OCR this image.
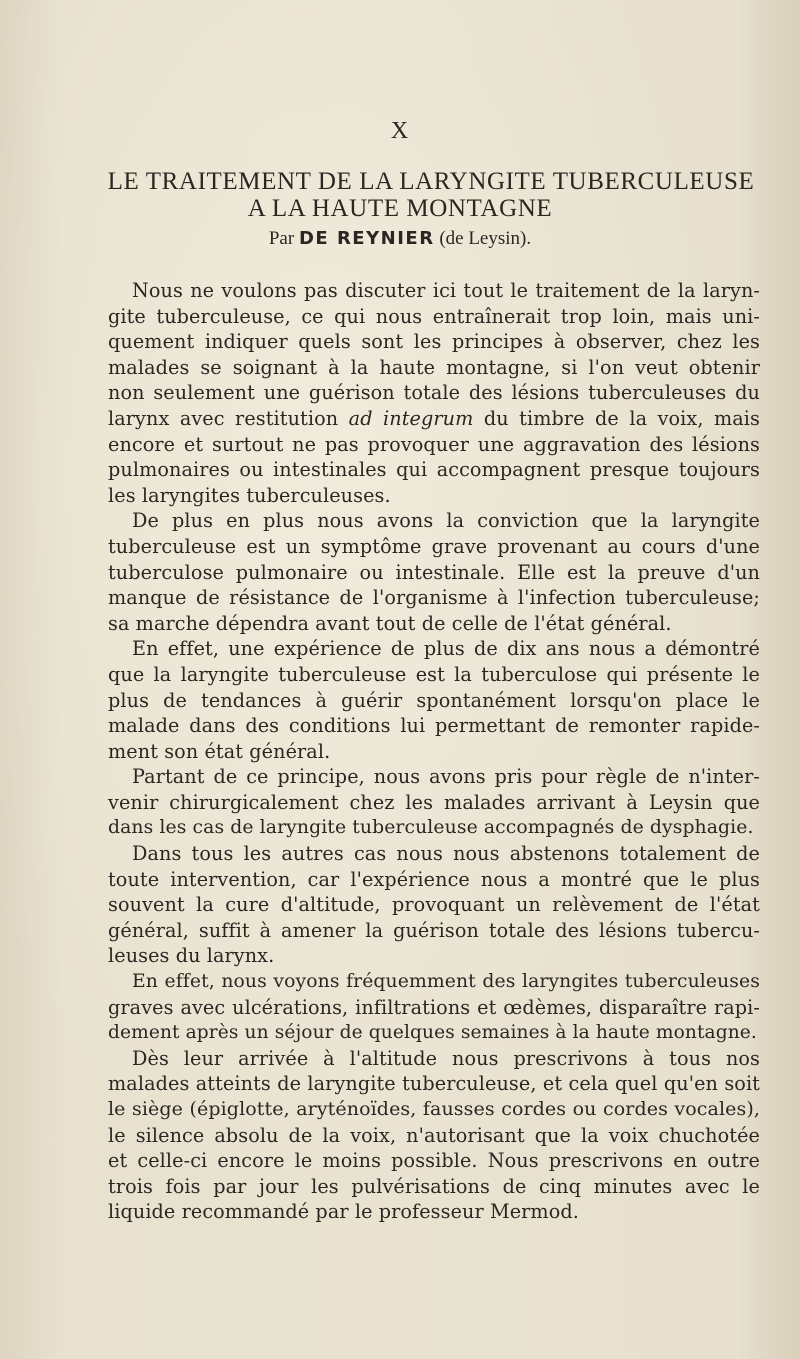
X
LE TRAITEMENT DE LA LARYNGITE TUBERCULEUSE
A LA HAUTE MONTAGNE
Par DE REYNIER (de Leysin).
Nous ne voulons pas discuter ici tout le traitement de la laryn-
gite tuberculeuse, ce qui nous entraînerait trop loin, mais uni-
quement indiquer quels sont les principes à observer, chez les
malades se soignant à la haute montagne, si l'on veut obtenir
non seulement une guérison totale des lésions tuberculeuses du
larynx avec restitution ad integrum du timbre de la voix, mais
encore et surtout ne pas provoquer une aggravation des lésions
pulmonaires ou intestinales qui accompagnent presque toujours
les laryngites tuberculeuses.
De plus en plus nous avons la conviction que la laryngite
tuberculeuse est un symptôme grave provenant au cours d'une
tuberculose pulmonaire ou intestinale. Elle est la preuve d'un
manque de résistance de l'organisme à l'infection tuberculeuse;
sa marche dépendra avant tout de celle de l'état général.
En effet, une expérience de plus de dix ans nous a démontré
que la laryngite tuberculeuse est la tuberculose qui présente le
plus de tendances à guérir spontanément lorsqu'on place le
malade dans des conditions lui permettant de remonter rapide-
ment son état général.
Partant de ce principe, nous avons pris pour règle de n'inter-
venir chirurgicalement chez les malades arrivant à Leysin que
dans les cas de laryngite tuberculeuse accompagnés de dysphagie.
Dans tous les autres cas nous nous abstenons totalement de
toute intervention, car l'expérience nous a montré que le plus
souvent la cure d'altitude, provoquant un relèvement de l'état
général, suffit à amener la guérison totale des lésions tubercu-
leuses du larynx.
En effet, nous voyons fréquemment des laryngites tuberculeuses
graves avec ulcérations, infiltrations et œdèmes, disparaître rapi-
dement après un séjour de quelques semaines à la haute montagne.
Dès leur arrivée à l'altitude nous prescrivons à tous nos
malades atteints de laryngite tuberculeuse, et cela quel qu'en soit
le siège (épiglotte, aryténoïdes, fausses cordes ou cordes vocales),
le silence absolu de la voix, n'autorisant que la voix chuchotée
et celle-ci encore le moins possible. Nous prescrivons en outre
trois fois par jour les pulvérisations de cinq minutes avec le
liquide recommandé par le professeur Mermod.
